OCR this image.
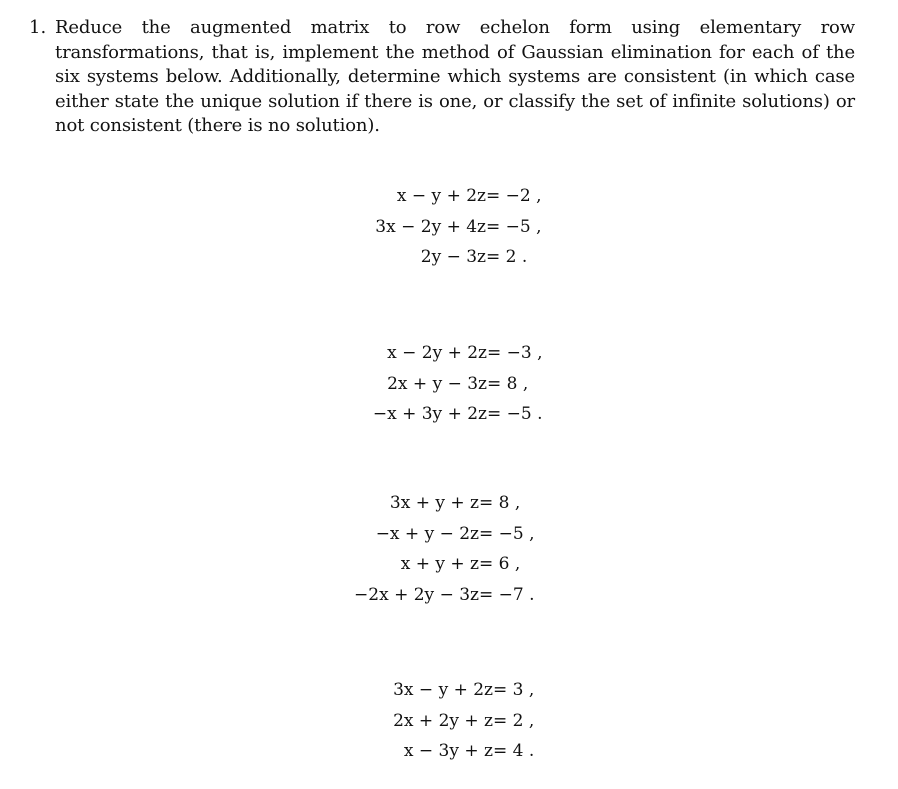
1. Reduce the augmented matrix to row echelon form using elementary row transformations, that is, implement the method of Gaussian elimination for each of the six systems below. Additionally, determine which systems are consistent (in which case either state the unique solution if there is one, or classify the set of infinite solutions) or not consistent (there is no solution).
x − y + 2z	= −2 ,
3x − 2y + 4z	= −5 ,
2y − 3z	= 2 .
x − 2y + 2z	= −3 ,
2x + y − 3z	= 8 ,
−x + 3y + 2z	= −5 .
3x + y + z	= 8 ,
−x + y − 2z	= −5 ,
x + y + z	= 6 ,
−2x + 2y − 3z	= −7 .
3x − y + 2z	= 3 ,
2x + 2y + z	= 2 ,
x − 3y + z	= 4 .
